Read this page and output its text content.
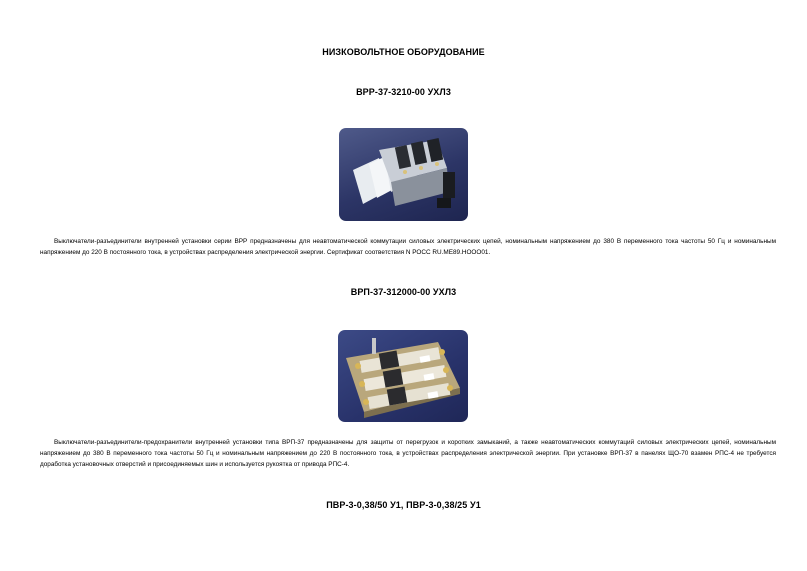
НИЗКОВОЛЬТНОЕ ОБОРУДОВАНИЕ
ВРР-37-3210-00 УХЛ3

Выключатели-разъединители внутренней установки серии ВРР предназначены для неавтоматической коммутации силовых электрических цепей, номинальным напряжением до 380 В переменного тока частоты 50 Гц и номинальным напряжением до 220 В постоянного тока, в устройствах распределения электрической энергии. Сертификат соответствия N РОСС RU.МЕ89.НООО01.

ВРП-37-312000-00 УХЛ3

Выключатели-разъединители-предохранители внутренней установки типа ВРП-37 предназначены для защиты от перегрузок и коротких замыканий, а также неавтоматических коммутаций силовых электрических цепей, номинальным напряжением до 380 В переменного тока частоты 50 Гц и номинальным напряжением до 220 В постоянного тока, в устройствах распределения электрической энергии. При установке ВРП-37 в панелях ЩО-70 взамен РПС-4 не требуется доработка установочных отверстий и присоединяемых шин и используется рукоятка от привода РПС-4.

ПВР-3-0,38/50 У1, ПВР-3-0,38/25 У1
